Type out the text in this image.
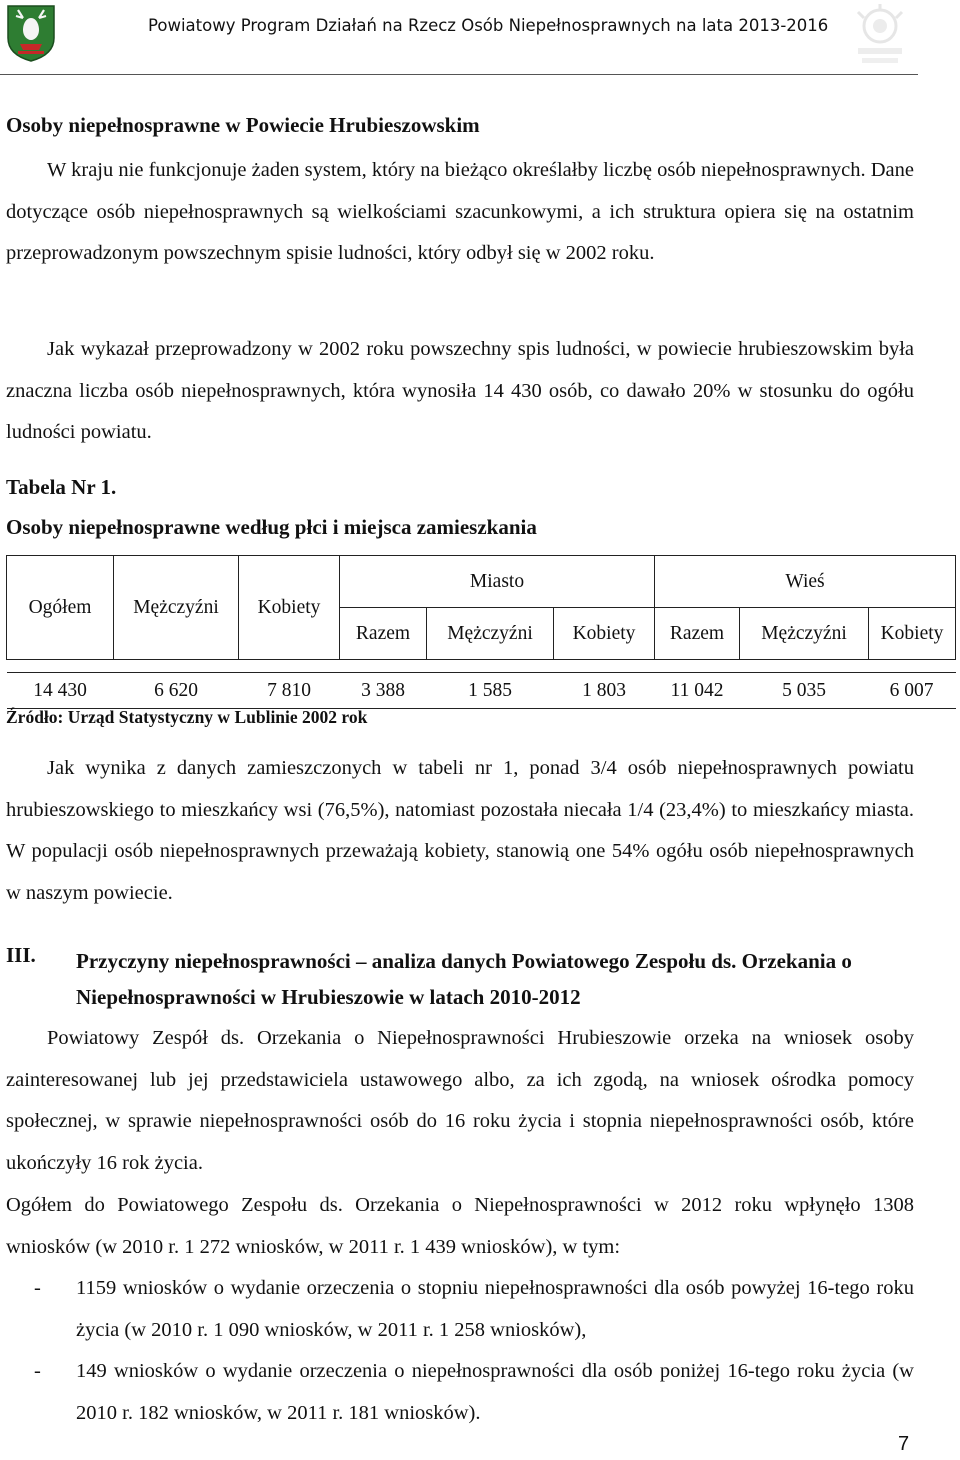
Powiatowy Program Działań na Rzecz Osób Niepełnosprawnych na lata 2013-2016
Osoby niepełnosprawne w Powiecie Hrubieszowskim

W kraju nie funkcjonuje żaden system, który na bieżąco określałby liczbę osób niepełnosprawnych. Dane dotyczące osób niepełnosprawnych są wielkościami szacunkowymi, a ich struktura opiera się na ostatnim przeprowadzonym powszechnym spisie ludności, który odbył się w 2002 roku.

Jak wykazał przeprowadzony w 2002 roku powszechny spis ludności, w powiecie hrubieszowskim była znaczna liczba osób niepełnosprawnych, która wynosiła 14 430 osób, co dawało 20% w stosunku do ogółu ludności powiatu.

Tabela Nr 1.
Osoby niepełnosprawne według płci i miejsca zamieszkania
Ogółem	Mężczyźni	Kobiety	Miasto			Wieś		
			Razem	Mężczyźni	Kobiety	Razem	Mężczyźni	Kobiety

14 430	6 620	7 810	3 388	1 585	1 803	11 042	5 035	6 007
Źródło: Urząd Statystyczny w Lublinie 2002 rok

Jak wynika z danych zamieszczonych w tabeli nr 1, ponad 3/4 osób niepełnosprawnych powiatu hrubieszowskiego to mieszkańcy wsi (76,5%), natomiast pozostała niecała 1/4 (23,4%) to mieszkańcy miasta. W populacji osób niepełnosprawnych przeważają kobiety, stanowią one 54% ogółu osób niepełnosprawnych w naszym powiecie.

III. Przyczyny niepełnosprawności – analiza danych Powiatowego Zespołu ds. Orzekania o Niepełnosprawności w Hrubieszowie w latach 2010-2012

Powiatowy Zespół ds. Orzekania o Niepełnosprawności Hrubieszowie orzeka na wniosek osoby zainteresowanej lub jej przedstawiciela ustawowego albo, za ich zgodą, na wniosek ośrodka pomocy społecznej, w sprawie niepełnosprawności osób do 16 roku życia i stopnia niepełnosprawności osób, które ukończyły 16 rok życia.

Ogółem do Powiatowego Zespołu ds. Orzekania o Niepełnosprawności w 2012 roku wpłynęło 1308 wniosków (w 2010 r. 1 272 wniosków, w 2011 r. 1 439 wniosków), w tym:

- 1159 wniosków o wydanie orzeczenia o stopniu niepełnosprawności dla osób powyżej 16-tego roku życia (w 2010 r. 1 090 wniosków, w 2011 r. 1 258 wniosków),
- 149 wniosków o wydanie orzeczenia o niepełnosprawności dla osób poniżej 16-tego roku życia (w 2010 r. 182 wniosków, w 2011 r. 181 wniosków).
7
